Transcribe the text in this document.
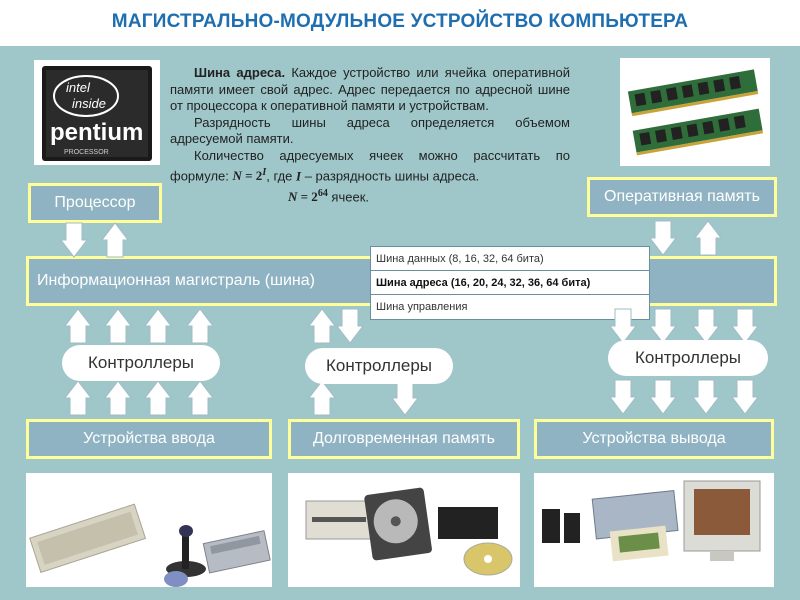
МАГИСТРАЛЬНО-МОДУЛЬНОЕ УСТРОЙСТВО КОМПЬЮТЕРА
intel
inside
pentium
PROCESSOR

Шина адреса. Каждое устройство или ячейка оперативной памяти имеет свой адрес. Адрес передается по адресной шине от процессора к оперативной памяти и устройствам.

Разрядность шины адреса определяется объемом адресуемой памяти.

Количество адресуемых ячеек можно рассчитать по формуле: $N = 2^I$, где I – разрядность шины адреса.

$N = 2^{64}$ ячеек.

Процессор	Оперативная память
Информационная магистраль (шина)
Шина данных (8, 16, 32, 64 бита)
Шина адреса (16, 20, 24, 32, 36, 64 бита)
Шина управления
Контроллеры	Контроллеры	Контроллеры
Устройства ввода	Долговременная память	Устройства вывода
